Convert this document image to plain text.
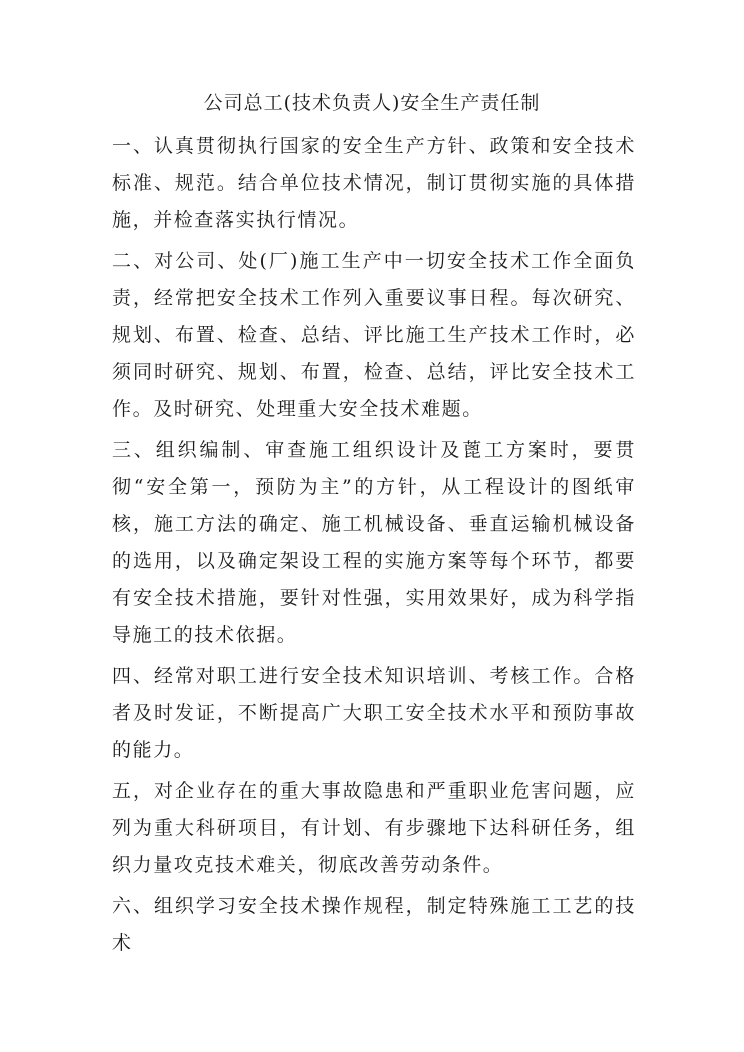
公司总工(技术负责人)安全生产责任制

一、认真贯彻执行国家的安全生产方针、政策和安全技术标准、规范。结合单位技术情况，制订贯彻实施的具体措施，并检查落实执行情况。

二、对公司、处(厂)施工生产中一切安全技术工作全面负责，经常把安全技术工作列入重要议事日程。每次研究、规划、布置、检查、总结、评比施工生产技术工作时，必须同时研究、规划、布置，检查、总结，评比安全技术工作。及时研究、处理重大安全技术难题。

三、组织编制、审查施工组织设计及蓖工方案时，要贯彻“安全第一，预防为主”的方针，从工程设计的图纸审核，施工方法的确定、施工机械设备、垂直运输机械设备的选用，以及确定架设工程的实施方案等每个环节，都要有安全技术措施，要针对性强，实用效果好，成为科学指导施工的技术依据。

四、经常对职工进行安全技术知识培训、考核工作。合格者及时发证，不断提高广大职工安全技术水平和预防事故的能力。

五，对企业存在的重大事故隐患和严重职业危害问题，应列为重大科研项目，有计划、有步骤地下达科研任务，组织力量攻克技术难关，彻底改善劳动条件。

六、组织学习安全技术操作规程，制定特殊施工工艺的技术
